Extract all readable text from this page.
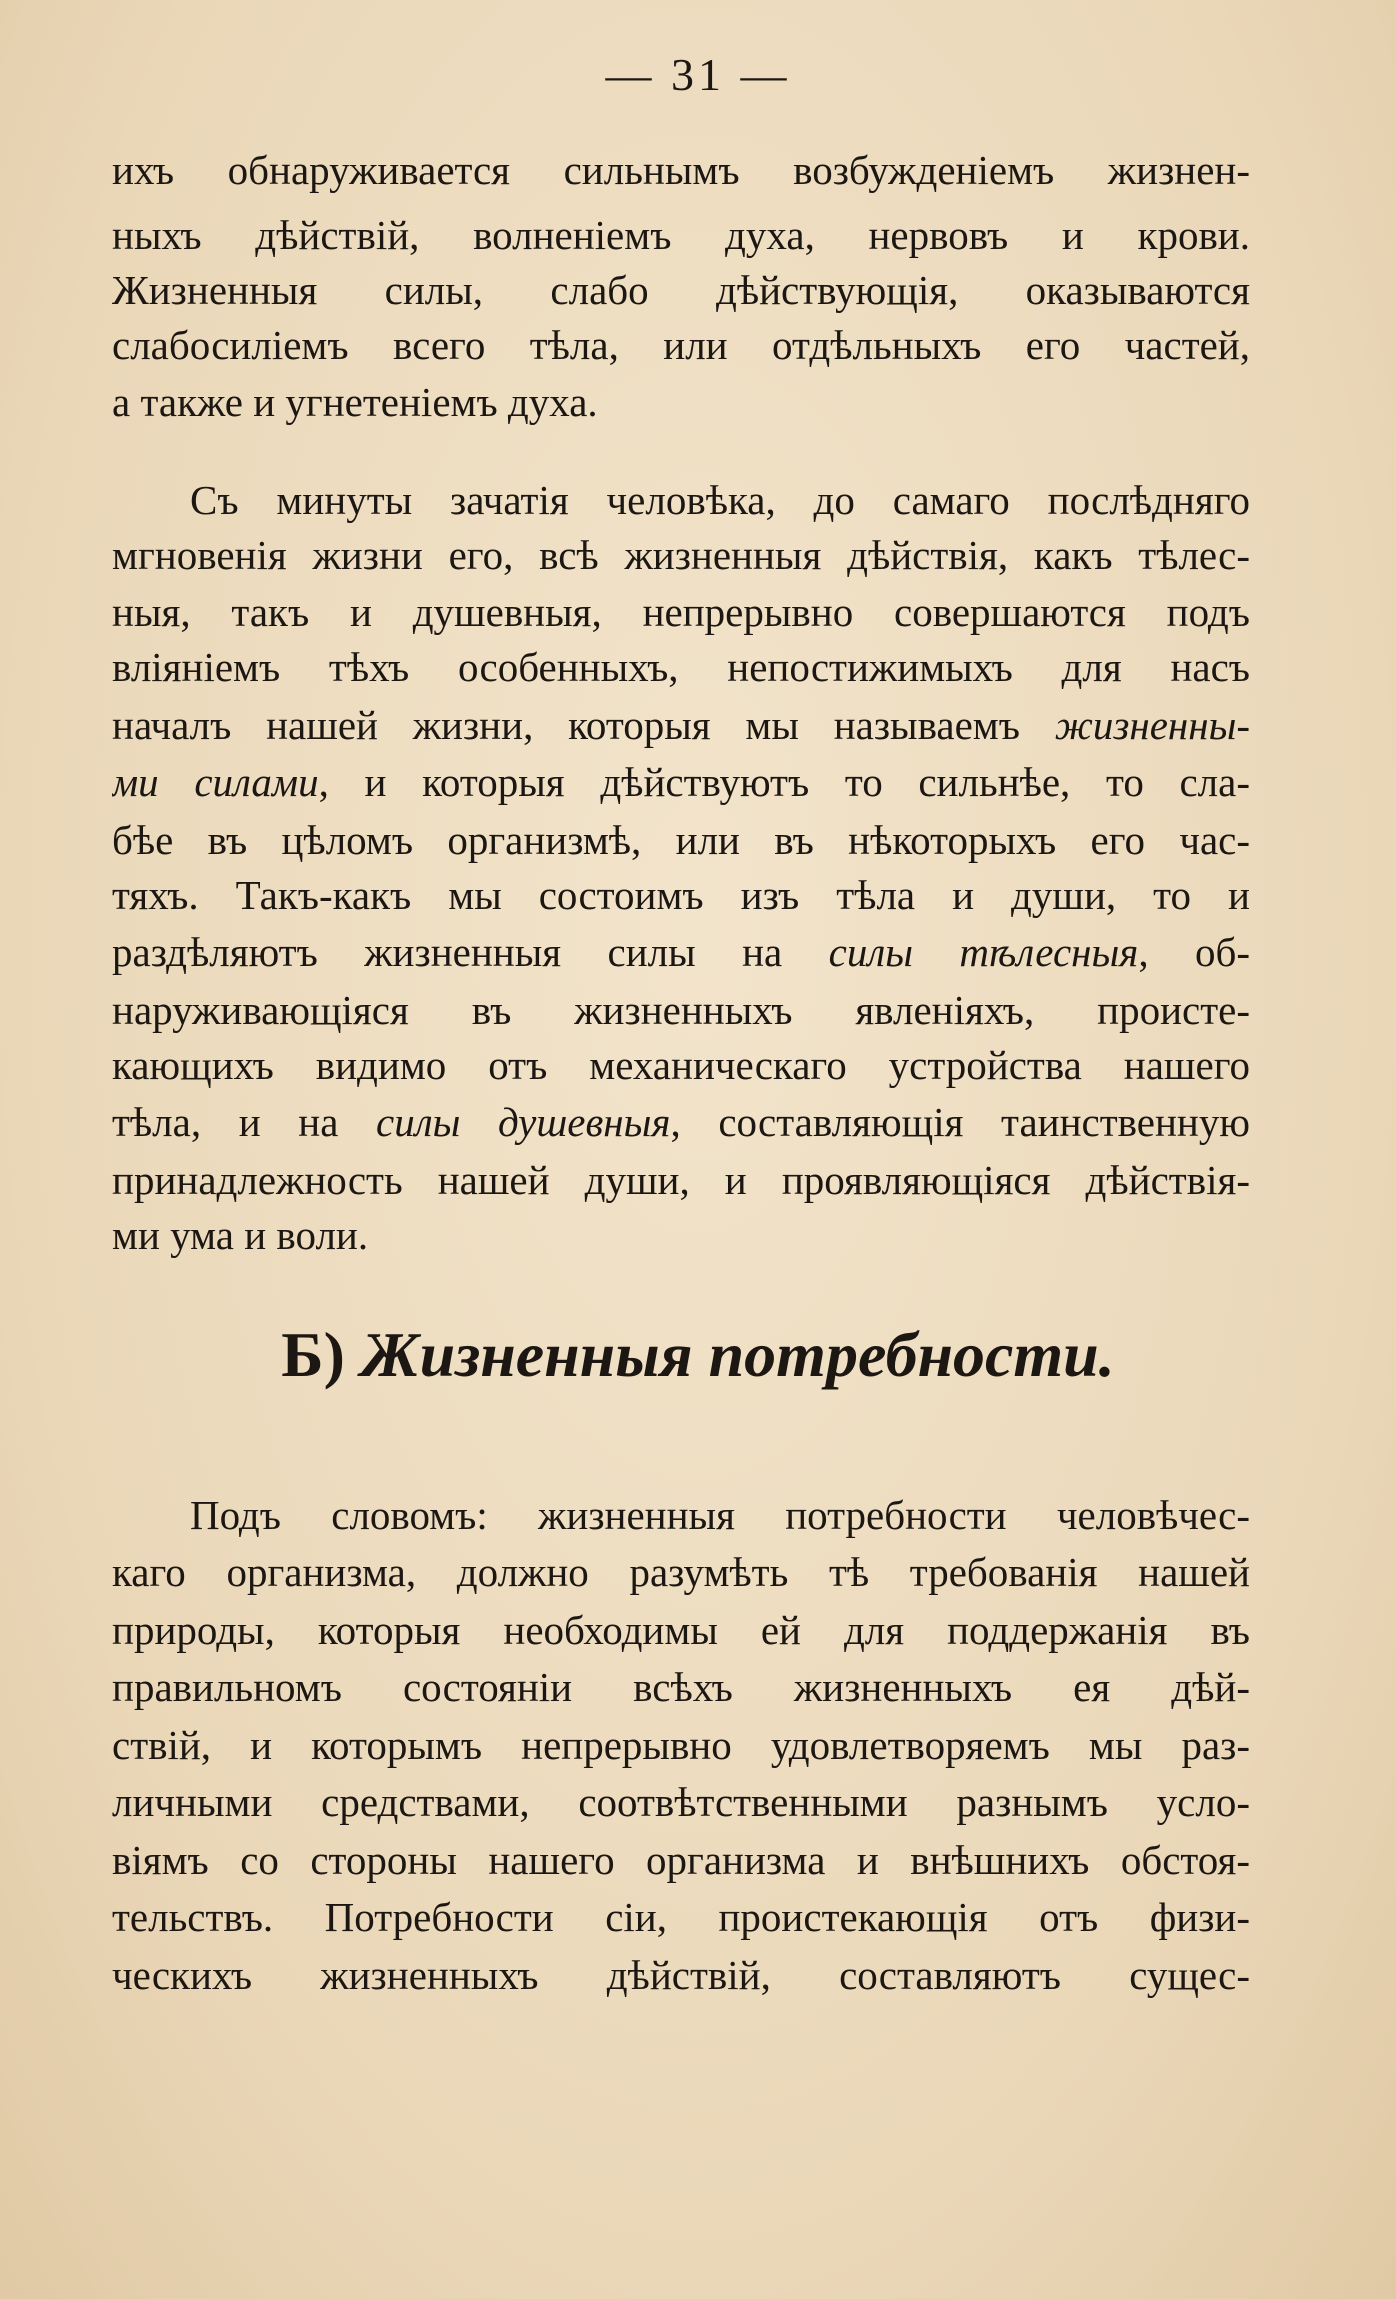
— 31 —
ихъ обнаруживается сильнымъ возбужденіемъ жизнен-
ныхъ дѣйствій, волненіемъ духа, нервовъ и крови.
Жизненныя силы, слабо дѣйствующія, оказываются
слабосиліемъ всего тѣла, или отдѣльныхъ его частей,
а также и угнетеніемъ духа.
Съ минуты зачатія человѣка, до самаго послѣдняго
мгновенія жизни его, всѣ жизненныя дѣйствія, какъ тѣлес-
ныя, такъ и душевныя, непрерывно совершаются подъ
вліяніемъ тѣхъ особенныхъ, непостижимыхъ для насъ
началъ нашей жизни, которыя мы называемъ жизненны-
ми силами, и которыя дѣйствуютъ то сильнѣе, то сла-
бѣе въ цѣломъ организмѣ, или въ нѣкоторыхъ его час-
тяхъ. Такъ-какъ мы состоимъ изъ тѣла и души, то и
раздѣляютъ жизненныя силы на силы тѣлесныя, об-
наруживающіяся въ жизненныхъ явленіяхъ, происте-
кающихъ видимо отъ механическаго устройства нашего
тѣла, и на силы душевныя, составляющія таинственную
принадлежность нашей души, и проявляющіяся дѣйствія-
ми ума и воли.
Б) Жизненныя потребности.
Подъ словомъ: жизненныя потребности человѣчес-
каго организма, должно разумѣть тѣ требованія нашей
природы, которыя необходимы ей для поддержанія въ
правильномъ состояніи всѣхъ жизненныхъ ея дѣй-
ствій, и которымъ непрерывно удовлетворяемъ мы раз-
личными средствами, соотвѣтственными разнымъ усло-
віямъ со стороны нашего организма и внѣшнихъ обстоя-
тельствъ. Потребности сіи, проистекающія отъ физи-
ческихъ жизненныхъ дѣйствій, составляютъ сущес-
